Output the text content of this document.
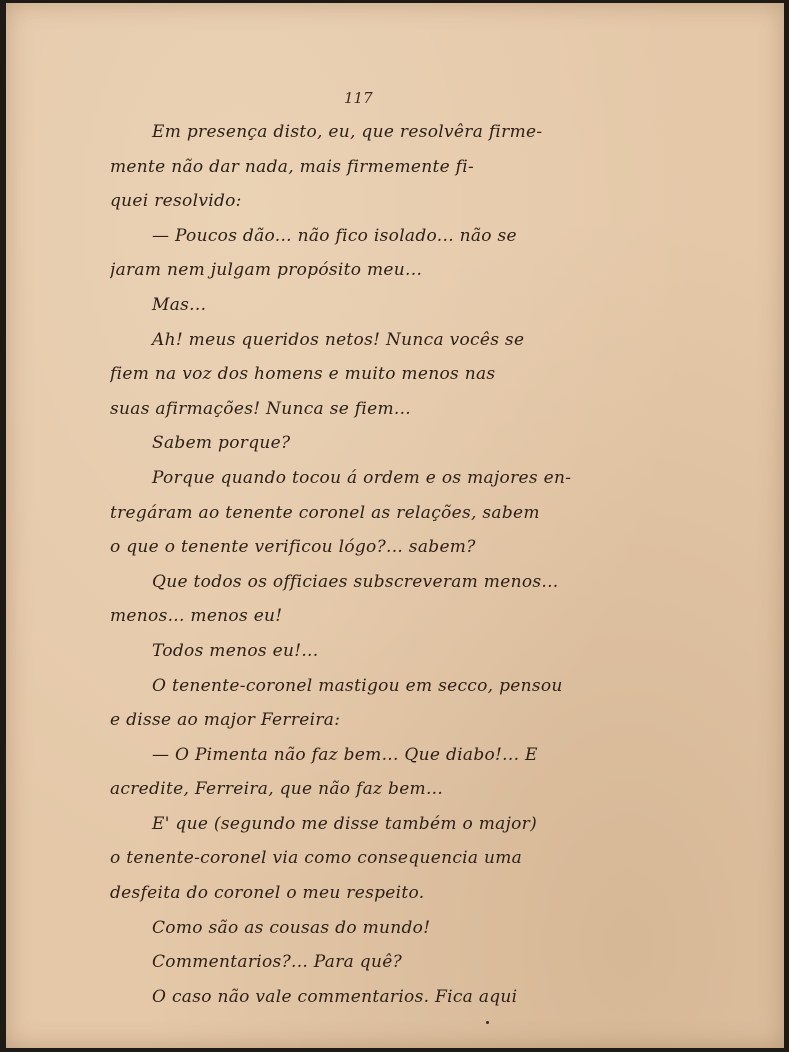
117
Em presença disto, eu, que resolvêra firme-
mente não dar nada, mais firmemente fi-
quei resolvido:
— Poucos dão... não fico isolado... não se
jaram nem julgam propósito meu...
Mas...
Ah! meus queridos netos! Nunca vocês se
fiem na voz dos homens e muito menos nas
suas afirmações! Nunca se fiem...
Sabem porque?
Porque quando tocou á ordem e os majores en-
tregáram ao tenente coronel as relações, sabem
o que o tenente verificou lógo?... sabem?
Que todos os officiaes subscreveram menos...
menos... menos eu!
Todos menos eu!...
O tenente-coronel mastigou em secco, pensou
e disse ao major Ferreira:
— O Pimenta não faz bem... Que diabo!... E
acredite, Ferreira, que não faz bem...
E' que (segundo me disse também o major)
o tenente-coronel via como consequencia uma
desfeita do coronel o meu respeito.
Como são as cousas do mundo!
Commentarios?... Para quê?
O caso não vale commentarios. Fica aqui
